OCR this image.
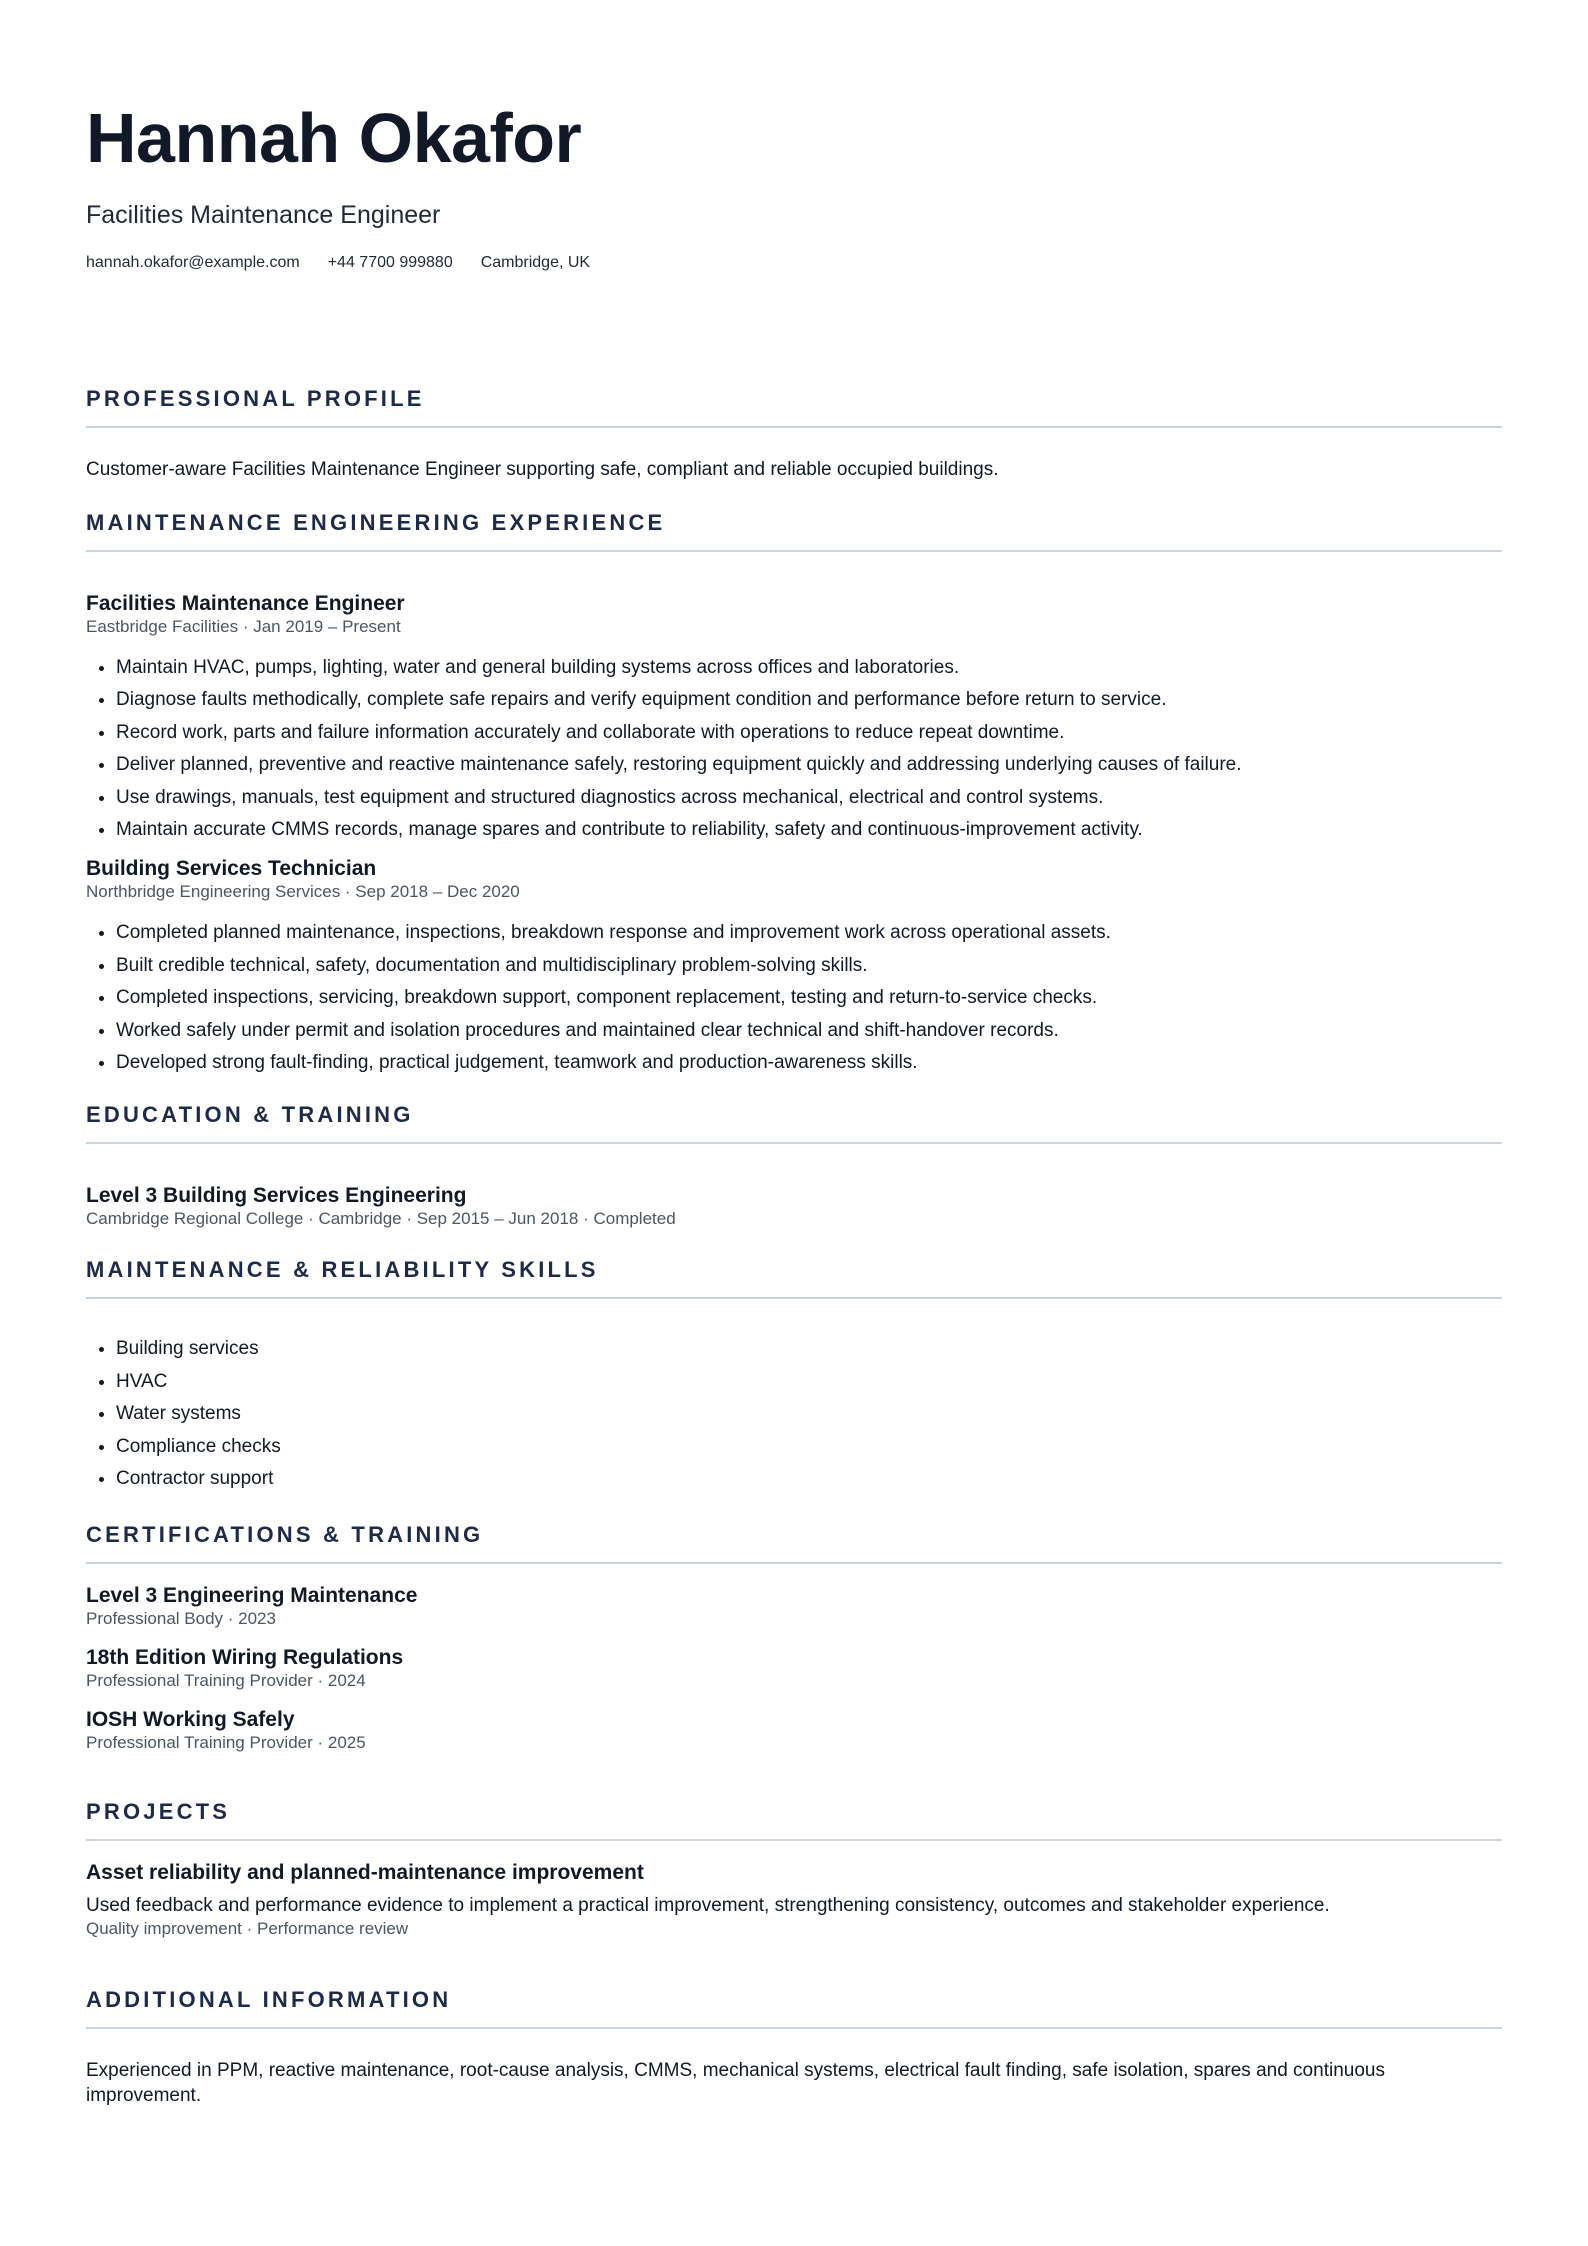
Hannah Okafor
Facilities Maintenance Engineer
hannah.okafor@example.com +44 7700 999880 Cambridge, UK
PROFESSIONAL PROFILE
Customer-aware Facilities Maintenance Engineer supporting safe, compliant and reliable occupied buildings.
MAINTENANCE ENGINEERING EXPERIENCE
Facilities Maintenance Engineer
Eastbridge Facilities · Jan 2019 – Present
• Maintain HVAC, pumps, lighting, water and general building systems across offices and laboratories.
• Diagnose faults methodically, complete safe repairs and verify equipment condition and performance before return to service.
• Record work, parts and failure information accurately and collaborate with operations to reduce repeat downtime.
• Deliver planned, preventive and reactive maintenance safely, restoring equipment quickly and addressing underlying causes of failure.
• Use drawings, manuals, test equipment and structured diagnostics across mechanical, electrical and control systems.
• Maintain accurate CMMS records, manage spares and contribute to reliability, safety and continuous-improvement activity.
Building Services Technician
Northbridge Engineering Services · Sep 2018 – Dec 2020
• Completed planned maintenance, inspections, breakdown response and improvement work across operational assets.
• Built credible technical, safety, documentation and multidisciplinary problem-solving skills.
• Completed inspections, servicing, breakdown support, component replacement, testing and return-to-service checks.
• Worked safely under permit and isolation procedures and maintained clear technical and shift-handover records.
• Developed strong fault-finding, practical judgement, teamwork and production-awareness skills.
EDUCATION & TRAINING
Level 3 Building Services Engineering
Cambridge Regional College · Cambridge · Sep 2015 – Jun 2018 · Completed
MAINTENANCE & RELIABILITY SKILLS
• Building services
• HVAC
• Water systems
• Compliance checks
• Contractor support
CERTIFICATIONS & TRAINING
Level 3 Engineering Maintenance
Professional Body · 2023
18th Edition Wiring Regulations
Professional Training Provider · 2024
IOSH Working Safely
Professional Training Provider · 2025
PROJECTS
Asset reliability and planned-maintenance improvement
Used feedback and performance evidence to implement a practical improvement, strengthening consistency, outcomes and stakeholder experience.
Quality improvement · Performance review
ADDITIONAL INFORMATION
Experienced in PPM, reactive maintenance, root-cause analysis, CMMS, mechanical systems, electrical fault finding, safe isolation, spares and continuous improvement.
